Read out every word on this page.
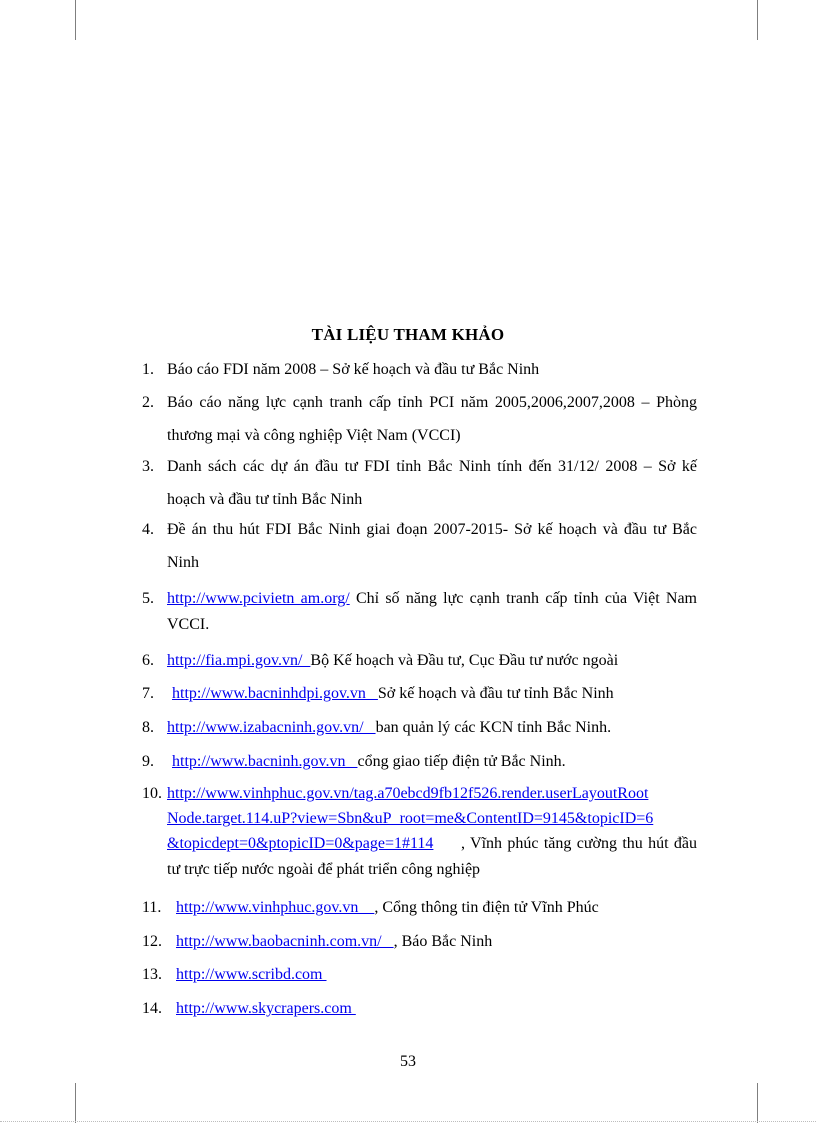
TÀI LIỆU THAM KHẢO
1. Báo cáo FDI năm 2008 – Sở kế hoạch và đầu tư Bắc Ninh
2. Báo cáo năng lực cạnh tranh cấp tỉnh PCI năm 2005,2006,2007,2008 – Phòng thương mại và công nghiệp Việt Nam (VCCI)
3. Danh sách các dự án đầu tư FDI tỉnh Bắc Ninh tính đến 31/12/ 2008 – Sở kế hoạch và đầu tư tỉnh Bắc Ninh
4. Đề án thu hút FDI Bắc Ninh giai đoạn 2007-2015- Sở kế hoạch và đầu tư Bắc Ninh
5. http://www.pcivietn am.org/ Chỉ số năng lực cạnh tranh cấp tỉnh của Việt Nam VCCI.
6. http://fia.mpi.gov.vn/  Bộ Kế hoạch và Đầu tư, Cục Đầu tư nước ngoài
7. http://www.bacninhdpi.gov.vn   Sở kế hoạch và đầu tư tỉnh Bắc Ninh
8. http://www.izabacninh.gov.vn/   ban quản lý các KCN tỉnh Bắc Ninh.
9. http://www.bacninh.gov.vn   cổng giao tiếp điện tử Bắc Ninh.
10. http://www.vinhphuc.gov.vn/tag.a70ebcd9fb12f526.render.userLayoutRoot
Node.target.114.uP?view=Sbn&uP_root=me&ContentID=9145&topicID=6
&topicdept=0&ptopicID=0&page=1#114	, Vĩnh phúc tăng cường thu hút đầu tư trực tiếp nước ngoài để phát triển công nghiệp
11. http://www.vinhphuc.gov.vn    , Cổng thông tin điện tử Vĩnh Phúc
12. http://www.baobacninh.com.vn/   , Báo Bắc Ninh
13. http://www.scribd.com
14. http://www.skycrapers.com
53
